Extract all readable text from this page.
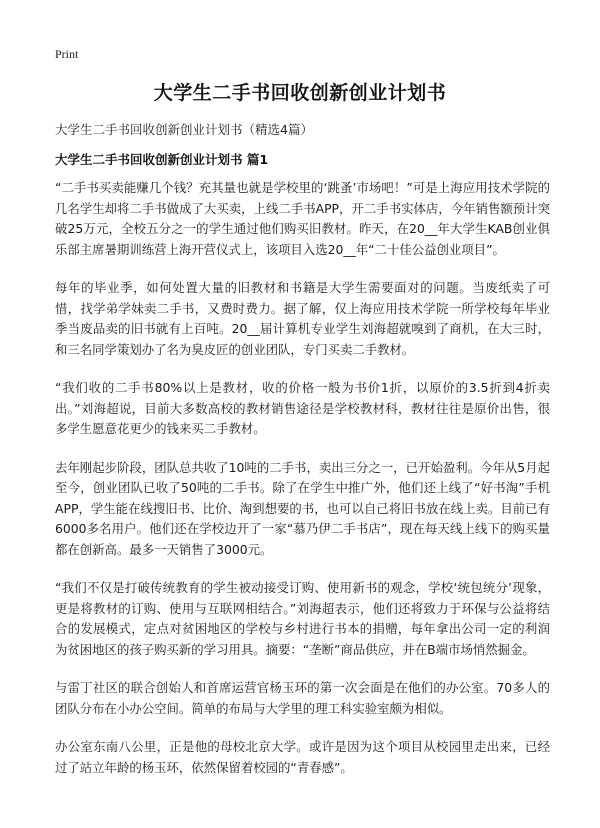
Print
大学生二手书回收创新创业计划书

大学生二手书回收创新创业计划书（精选4篇）

大学生二手书回收创新创业计划书 篇1

“二手书买卖能赚几个钱？充其量也就是学校里的‘跳蚤’市场吧！”可是上海应用技术学院的几名学生却将二手书做成了大买卖，上线二手书APP，开二手书实体店，今年销售额预计突破25万元，全校五分之一的学生通过他们购买旧教材。昨天，在20__年大学生KAB创业俱乐部主席暑期训练营上海开营仪式上，该项目入选20__年“二十佳公益创业项目”。

每年的毕业季，如何处置大量的旧教材和书籍是大学生需要面对的问题。当废纸卖了可惜，找学弟学妹卖二手书，又费时费力。据了解，仅上海应用技术学院一所学校每年毕业季当废品卖的旧书就有上百吨。20__届计算机专业学生刘海超就嗅到了商机，在大三时，和三名同学策划办了名为臭皮匠的创业团队，专门买卖二手教材。

“我们收的二手书80%以上是教材，收的价格一般为书价1折，以原价的3.5折到4折卖出。”刘海超说，目前大多数高校的教材销售途径是学校教材科，教材往往是原价出售，很多学生愿意花更少的钱来买二手教材。

去年刚起步阶段，团队总共收了10吨的二手书，卖出三分之一，已开始盈利。今年从5月起至今，创业团队已收了50吨的二手书。除了在学生中推广外，他们还上线了“好书淘”手机APP，学生能在线搜旧书、比价、淘到想要的书，也可以自己将旧书放在线上卖。目前已有6000多名用户。他们还在学校边开了一家“慕乃伊二手书店”，现在每天线上线下的购买量都在创新高。最多一天销售了3000元。

“我们不仅是打破传统教育的学生被动接受订购、使用新书的观念，学校‘统包统分’现象，更是将教材的订购、使用与互联网相结合。”刘海超表示，他们还将致力于环保与公益将结合的发展模式，定点对贫困地区的学校与乡村进行书本的捐赠，每年拿出公司一定的利润为贫困地区的孩子购买新的学习用具。摘要：“垄断”商品供应，并在B端市场悄然掘金。

与雷丁社区的联合创始人和首席运营官杨玉环的第一次会面是在他们的办公室。70多人的团队分布在小办公空间。简单的布局与大学里的理工科实验室颇为相似。

办公室东南八公里，正是他的母校北京大学。或许是因为这个项目从校园里走出来，已经过了站立年龄的杨玉环，依然保留着校园的“青春感”。
